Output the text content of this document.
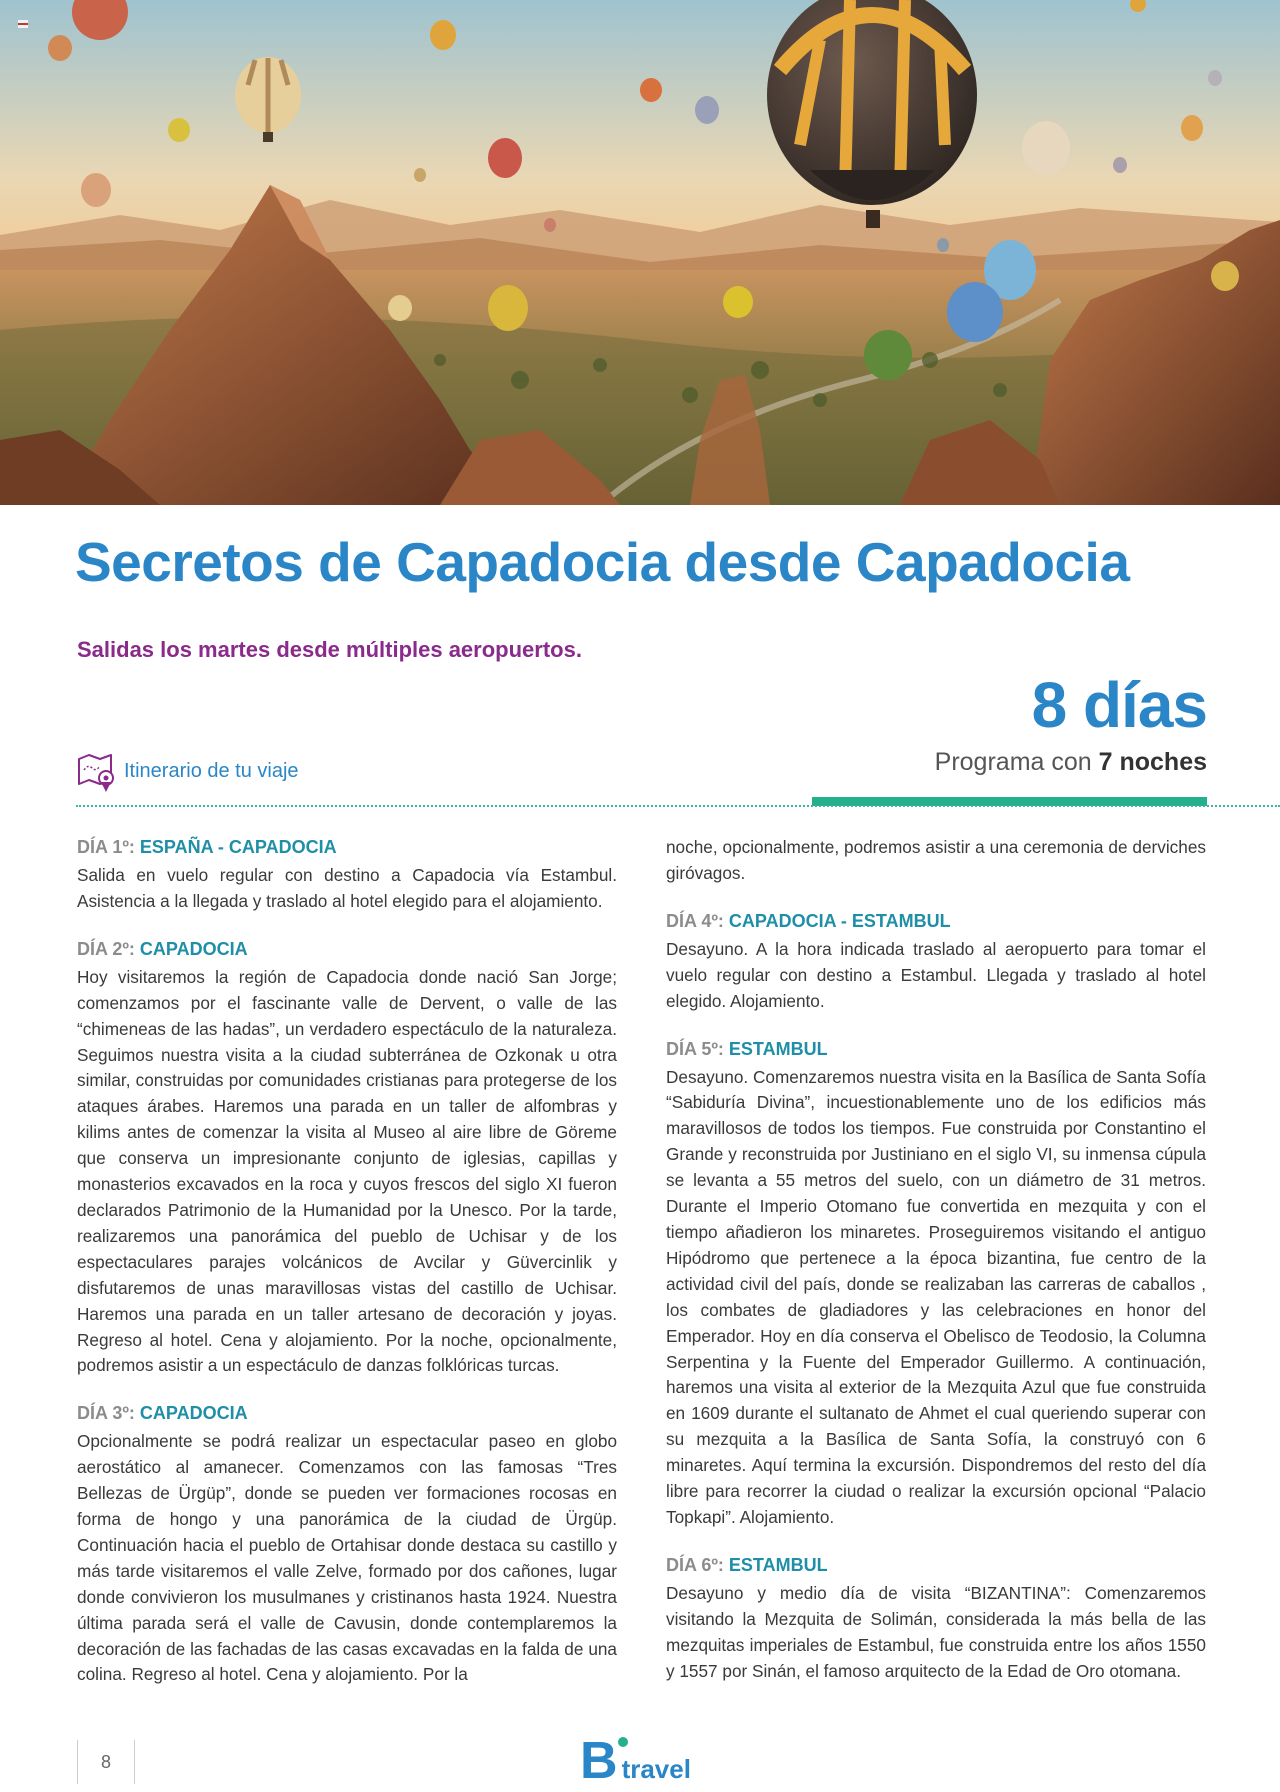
Secretos de Capadocia desde Capadocia
Salidas los martes desde múltiples aeropuertos.
8 días
Programa con 7 noches
Itinerario de tu viaje
DÍA 1º: ESPAÑA - CAPADOCIA

Salida en vuelo regular con destino a Capadocia vía Estambul. Asistencia a la llegada y traslado al hotel elegido para el alojamiento.

DÍA 2º: CAPADOCIA

Hoy visitaremos la región de Capadocia donde nació San Jorge; comenzamos por el fascinante valle de Dervent, o valle de las “chimeneas de las hadas”, un verdadero espectáculo de la naturaleza. Seguimos nuestra visita a la ciudad subterránea de Ozkonak u otra similar, construidas por comunidades cristianas para protegerse de los ataques árabes. Haremos una parada en un taller de alfombras y kilims antes de comenzar la visita al Museo al aire libre de Göreme que conserva un impresionante conjunto de iglesias, capillas y monasterios excavados en la roca y cuyos frescos del siglo XI fueron declarados Patrimonio de la Humanidad por la Unesco. Por la tarde, realizaremos una panorámica del pueblo de Uchisar y de los espectaculares parajes volcánicos de Avcilar y Güvercinlik y disfutaremos de unas maravillosas vistas del castillo de Uchisar. Haremos una parada en un taller artesano de decoración y joyas. Regreso al hotel. Cena y alojamiento. Por la noche, opcionalmente, podremos asistir a un espectáculo de danzas folklóricas turcas.

DÍA 3º: CAPADOCIA

Opcionalmente se podrá realizar un espectacular paseo en globo aerostático al amanecer. Comenzamos con las famosas “Tres Bellezas de Ürgüp”, donde se pueden ver formaciones rocosas en forma de hongo y una panorámica de la ciudad de Ürgüp. Continuación hacia el pueblo de Ortahisar donde destaca su castillo y más tarde visitaremos el valle Zelve, formado por dos cañones, lugar donde convivieron los musulmanes y cristinanos hasta 1924. Nuestra última parada será el valle de Cavusin, donde contemplaremos la decoración de las fachadas de las casas excavadas en la falda de una colina. Regreso al hotel. Cena y alojamiento. Por la

noche, opcionalmente, podremos asistir a una ceremonia de derviches giróvagos.

DÍA 4º: CAPADOCIA - ESTAMBUL

Desayuno. A la hora indicada traslado al aeropuerto para tomar el vuelo regular con destino a Estambul. Llegada y traslado al hotel elegido. Alojamiento.

DÍA 5º: ESTAMBUL

Desayuno. Comenzaremos nuestra visita en la Basílica de Santa Sofía “Sabiduría Divina”, incuestionablemente uno de los edificios más maravillosos de todos los tiempos. Fue construida por Constantino el Grande y reconstruida por Justiniano en el siglo VI, su inmensa cúpula se levanta a 55 metros del suelo, con un diámetro de 31 metros. Durante el Imperio Otomano fue convertida en mezquita y con el tiempo añadieron los minaretes. Proseguiremos visitando el antiguo Hipódromo que pertenece a la época bizantina, fue centro de la actividad civil del país, donde se realizaban las carreras de caballos , los combates de gladiadores y las celebraciones en honor del Emperador. Hoy en día conserva el Obelisco de Teodosio, la Columna Serpentina y la Fuente del Emperador Guillermo. A continuación, haremos una visita al exterior de la Mezquita Azul que fue construida en 1609 durante el sultanato de Ahmet el cual queriendo superar con su mezquita a la Basílica de Santa Sofía, la construyó con 6 minaretes. Aquí termina la excursión. Dispondremos del resto del día libre para recorrer la ciudad o realizar la excursión opcional “Palacio Topkapi”. Alojamiento.

DÍA 6º: ESTAMBUL

Desayuno y medio día de visita “BIZANTINA”: Comenzaremos visitando la Mezquita de Solimán, considerada la más bella de las mezquitas imperiales de Estambul, fue construida entre los años 1550 y 1557 por Sinán, el famoso arquitecto de la Edad de Oro otomana.

8	B travel
